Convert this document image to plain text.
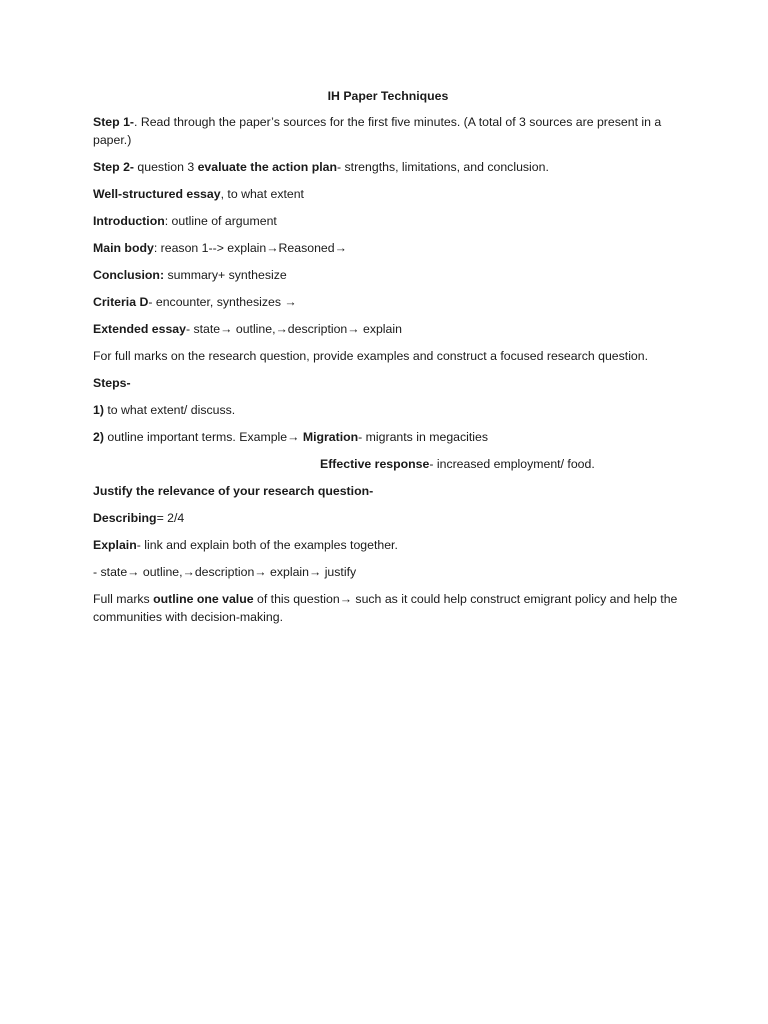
IH Paper Techniques

Step 1-. Read through the paper’s sources for the first five minutes. (A total of 3 sources are present in a paper.)

Step 2- question 3 evaluate the action plan- strengths, limitations, and conclusion.

Well-structured essay, to what extent

Introduction: outline of argument

Main body: reason 1--> explain→Reasoned→

Conclusion: summary+ synthesize

Criteria D- encounter, synthesizes →

Extended essay- state→ outline,→description→ explain

For full marks on the research question, provide examples and construct a focused research question.

Steps-

1) to what extent/ discuss.

2) outline important terms. Example→ Migration- migrants in megacities

Effective response- increased employment/ food.

Justify the relevance of your research question-

Describing= 2/4

Explain- link and explain both of the examples together.

- state→ outline,→description→ explain→ justify

Full marks outline one value of this question→ such as it could help construct emigrant policy and help the communities with decision-making.
